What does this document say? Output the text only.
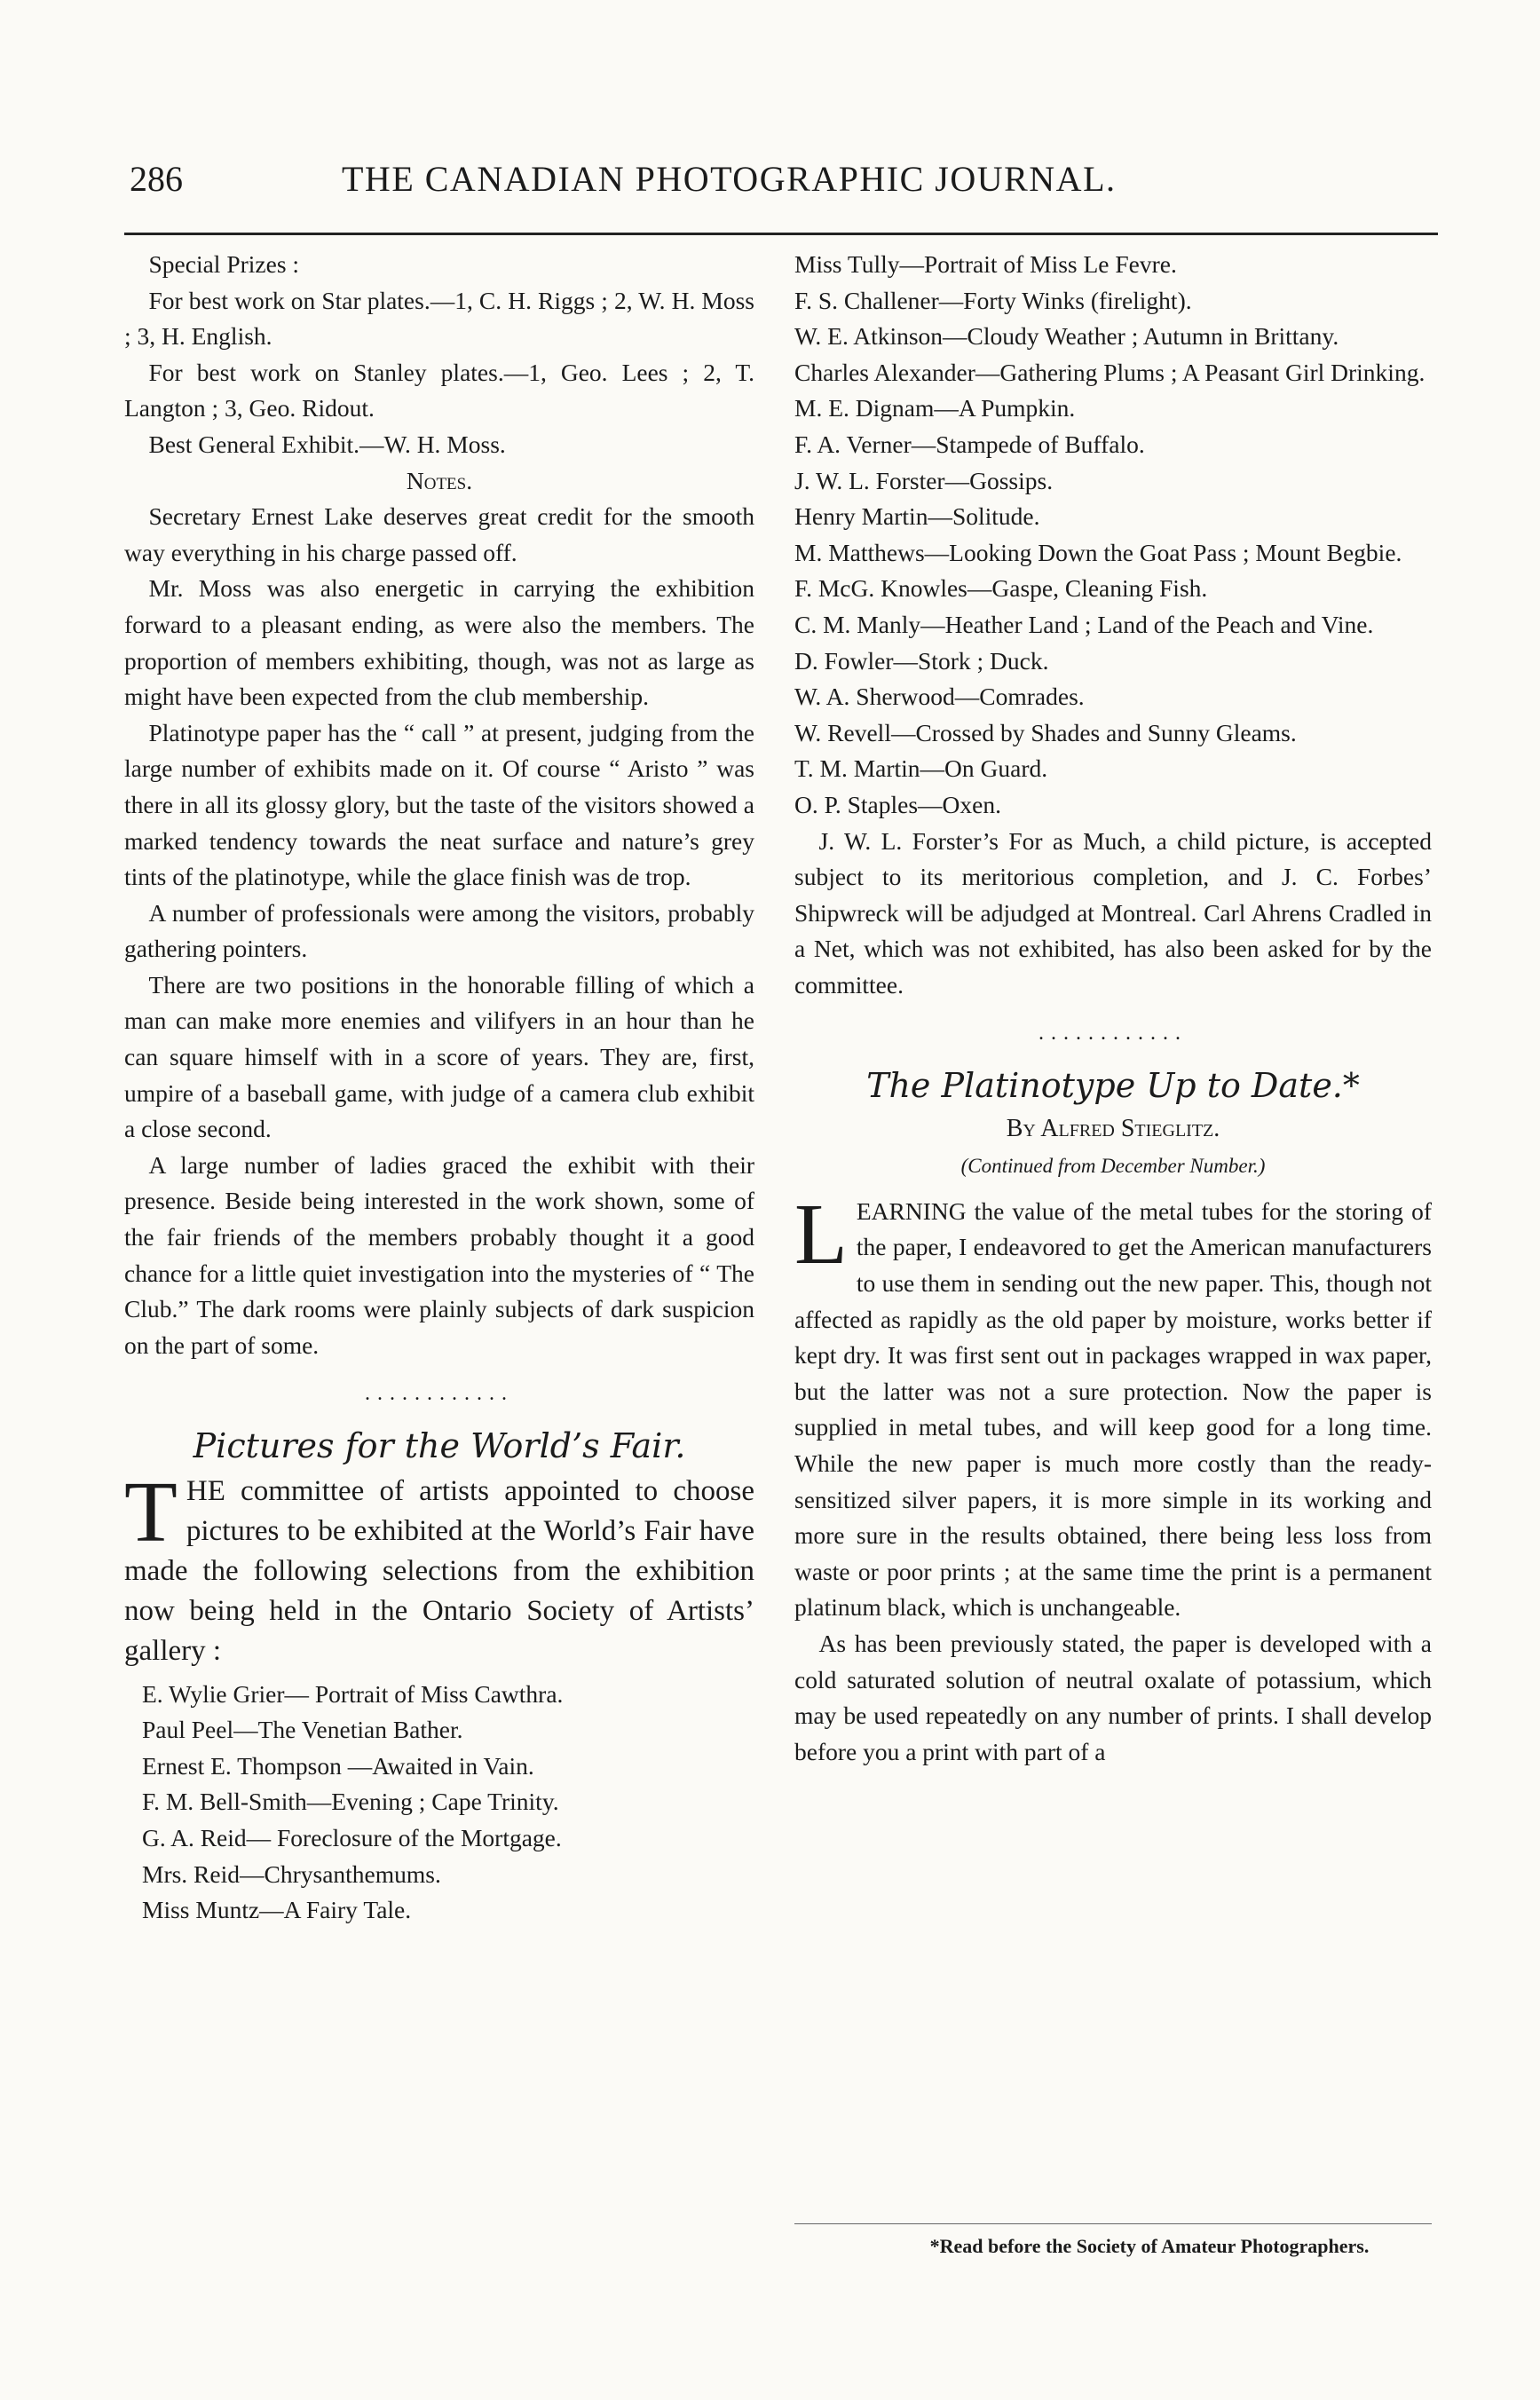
286	THE CANADIAN PHOTOGRAPHIC JOURNAL.

Special Prizes :

For best work on Star plates.—1, C. H. Riggs ; 2, W. H. Moss ; 3, H. English.

For best work on Stanley plates.—1, Geo. Lees ; 2, T. Langton ; 3, Geo. Ridout.

Best General Exhibit.—W. H. Moss.

Notes.

Secretary Ernest Lake deserves great credit for the smooth way everything in his charge passed off.

Mr. Moss was also energetic in carrying the exhibition forward to a pleasant ending, as were also the members. The proportion of members exhibiting, though, was not as large as might have been expected from the club membership.

Platinotype paper has the “ call ” at present, judging from the large number of exhibits made on it. Of course “ Aristo ” was there in all its glossy glory, but the taste of the visitors showed a marked tendency towards the neat surface and nature’s grey tints of the platinotype, while the glace finish was de trop.

A number of professionals were among the visitors, probably gathering pointers.

There are two positions in the honorable filling of which a man can make more enemies and vilifyers in an hour than he can square himself with in a score of years. They are, first, umpire of a baseball game, with judge of a camera club exhibit a close second.

A large number of ladies graced the exhibit with their presence. Beside being interested in the work shown, some of the fair friends of the members probably thought it a good chance for a little quiet investigation into the mysteries of “ The Club.” The dark rooms were plainly subjects of dark suspicion on the part of some.

............
Pictures for the World’s Fair.

THE committee of artists appointed to choose pictures to be exhibited at the World’s Fair have made the following selections from the exhibition now being held in the Ontario Society of Artists’ gallery :

E. Wylie Grier— Portrait of Miss Cawthra.

Paul Peel—The Venetian Bather.

Ernest E. Thompson —Awaited in Vain.

F. M. Bell-Smith—Evening ; Cape Trinity.

G. A. Reid— Foreclosure of the Mortgage.

Mrs. Reid—Chrysanthemums.

Miss Muntz—A Fairy Tale.

Miss Tully—Portrait of Miss Le Fevre.

F. S. Challener—Forty Winks (firelight).

W. E. Atkinson—Cloudy Weather ; Autumn in Brittany.

Charles Alexander—Gathering Plums ; A Peasant Girl Drinking.

M. E. Dignam—A Pumpkin.

F. A. Verner—Stampede of Buffalo.

J. W. L. Forster—Gossips.

Henry Martin—Solitude.

M. Matthews—Looking Down the Goat Pass ; Mount Begbie.

F. McG. Knowles—Gaspe, Cleaning Fish.

C. M. Manly—Heather Land ; Land of the Peach and Vine.

D. Fowler—Stork ; Duck.

W. A. Sherwood—Comrades.

W. Revell—Crossed by Shades and Sunny Gleams.

T. M. Martin—On Guard.

O. P. Staples—Oxen.

J. W. L. Forster’s For as Much, a child picture, is accepted subject to its meritorious completion, and J. C. Forbes’ Shipwreck will be adjudged at Montreal. Carl Ahrens Cradled in a Net, which was not exhibited, has also been asked for by the committee.

............
The Platinotype Up to Date.*
By Alfred Stieglitz.
(Continued from December Number.)

LEARNING the value of the metal tubes for the storing of the paper, I endeavored to get the American manufacturers to use them in sending out the new paper. This, though not affected as rapidly as the old paper by moisture, works better if kept dry. It was first sent out in packages wrapped in wax paper, but the latter was not a sure protection. Now the paper is supplied in metal tubes, and will keep good for a long time. While the new paper is much more costly than the ready-sensitized silver papers, it is more simple in its working and more sure in the results obtained, there being less loss from waste or poor prints ; at the same time the print is a permanent platinum black, which is unchangeable.

As has been previously stated, the paper is developed with a cold saturated solution of neutral oxalate of potassium, which may be used repeatedly on any number of prints. I shall develop before you a print with part of a

*Read before the Society of Amateur Photographers.
